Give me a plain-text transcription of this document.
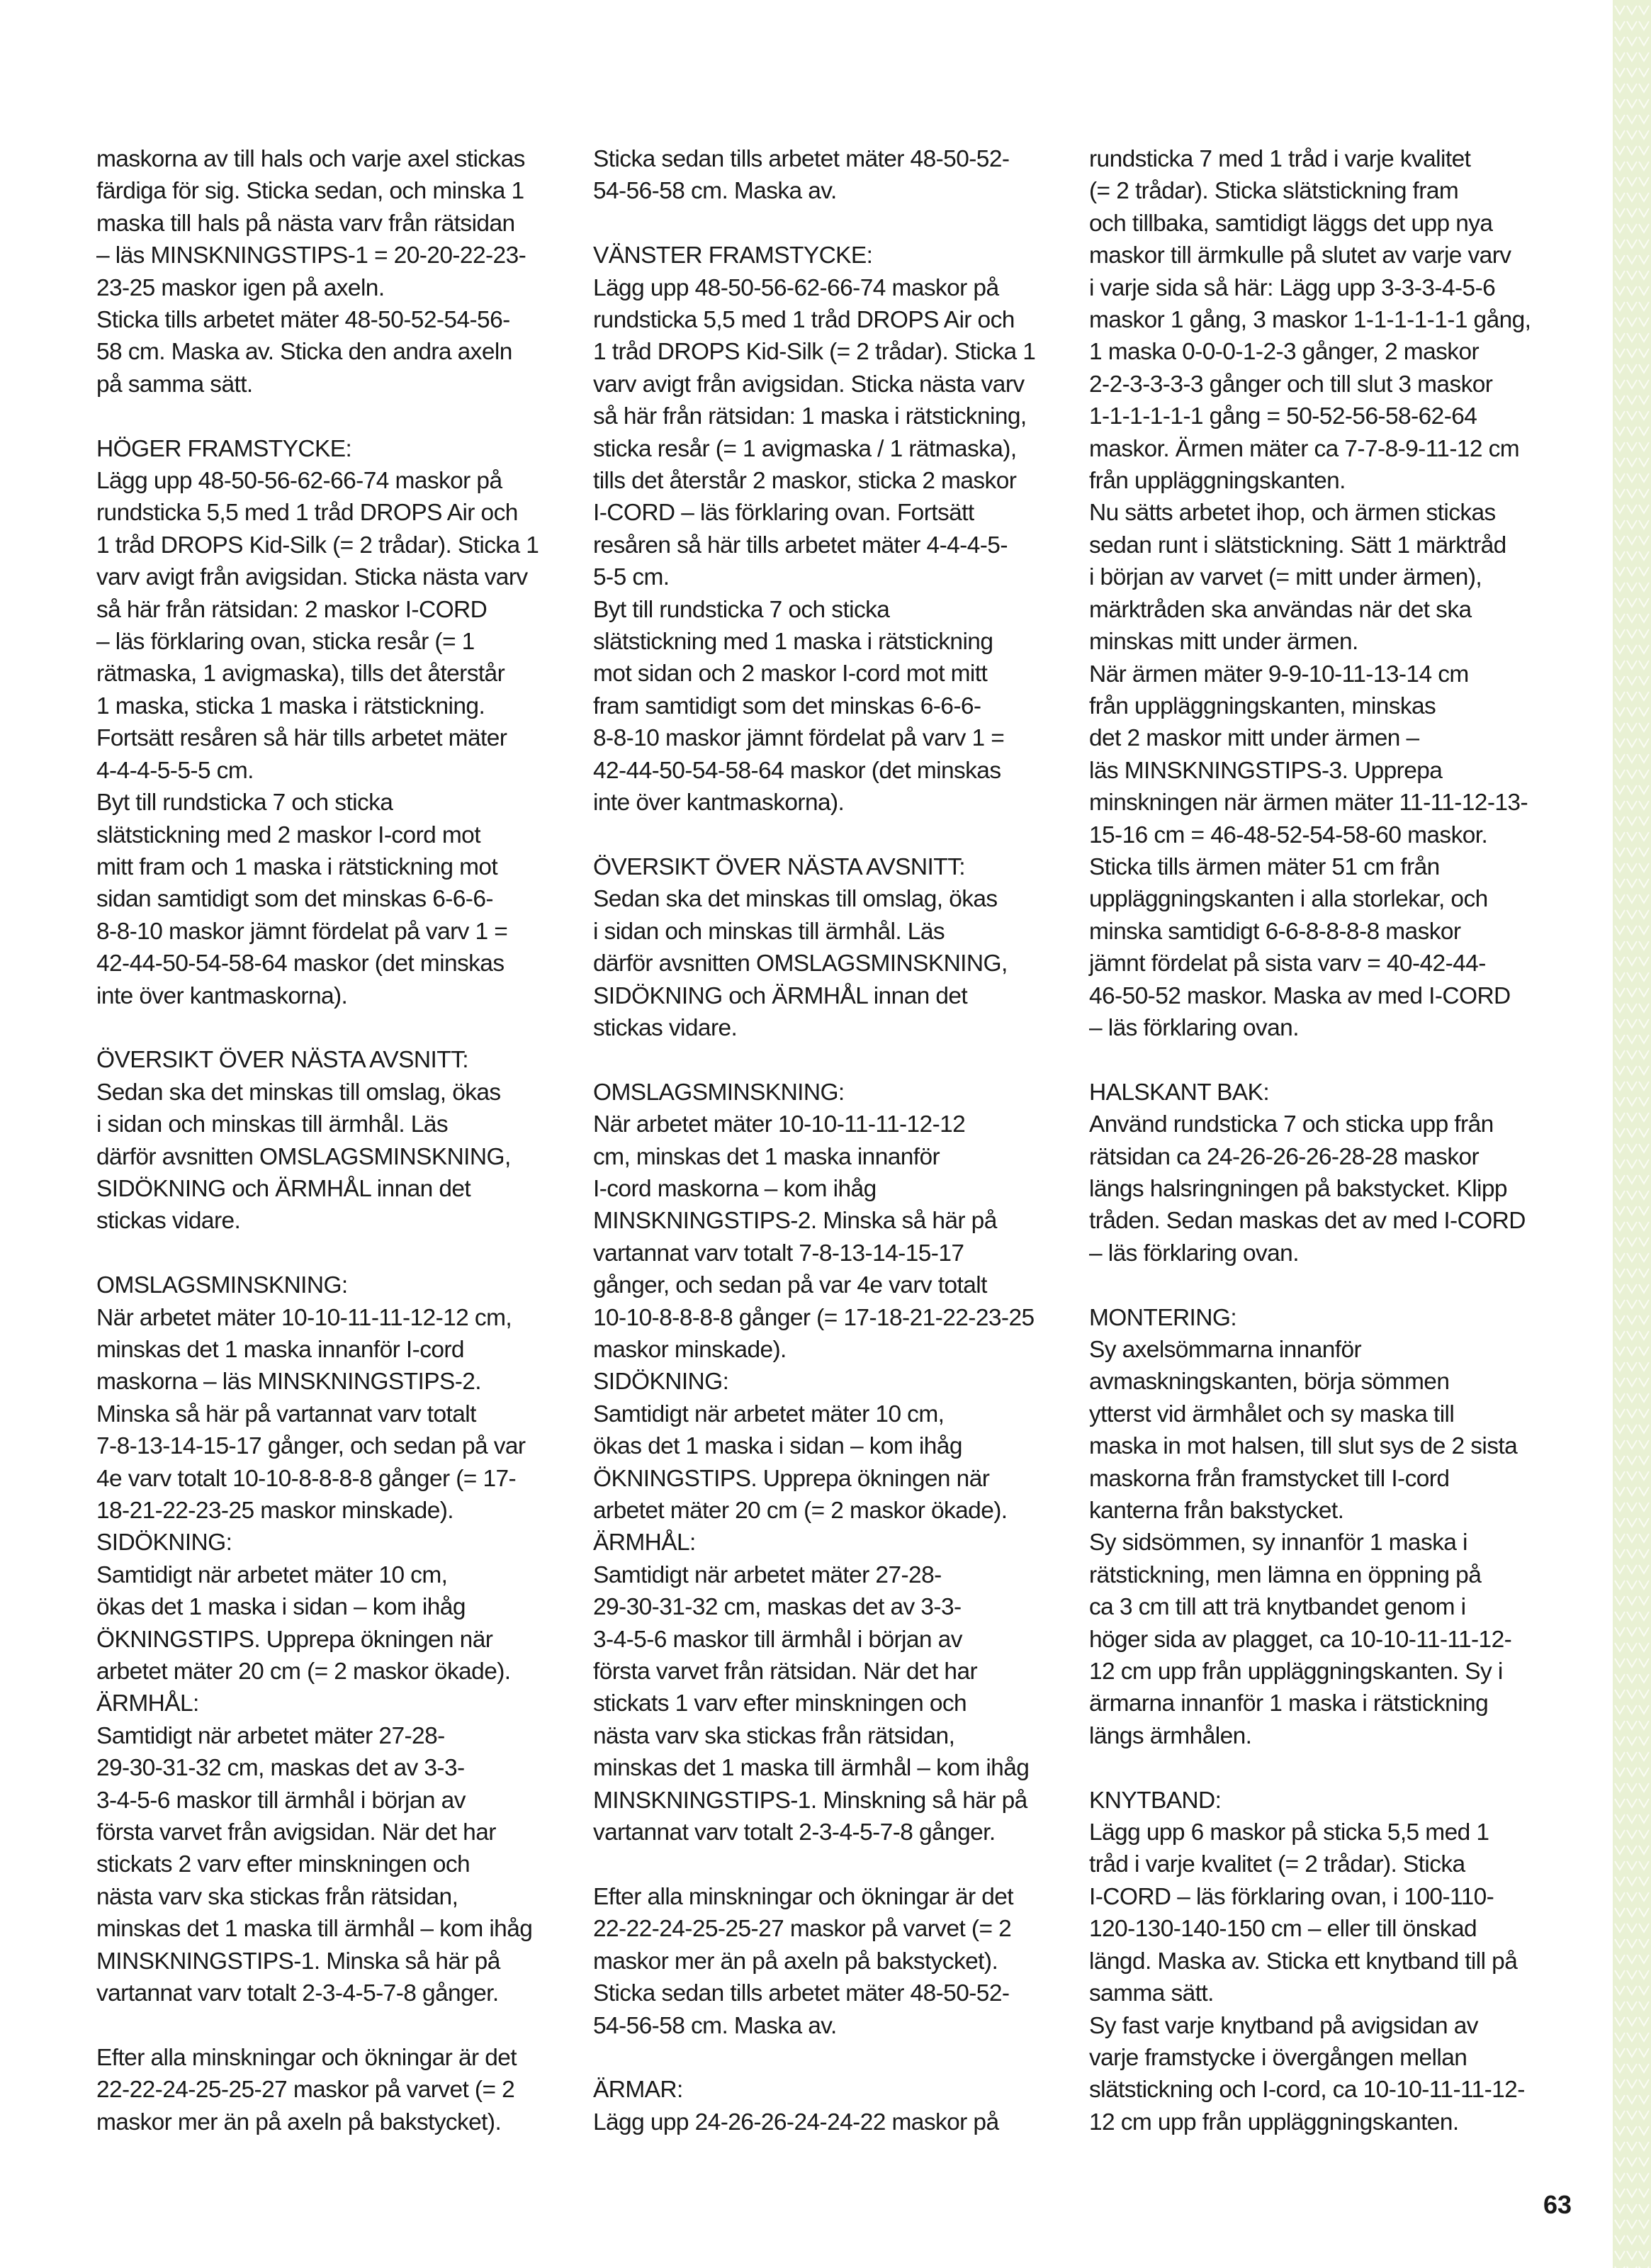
maskorna av till hals och varje axel stickas
färdiga för sig. Sticka sedan, och minska 1
maska till hals på nästa varv från rätsidan
– läs MINSKNINGSTIPS-1 = 20-20-22-23-
23-25 maskor igen på axeln.
Sticka tills arbetet mäter 48-50-52-54-56-
58 cm. Maska av. Sticka den andra axeln
på samma sätt.
HÖGER FRAMSTYCKE:
Lägg upp 48-50-56-62-66-74 maskor på
rundsticka 5,5 med 1 tråd DROPS Air och
1 tråd DROPS Kid-Silk (= 2 trådar). Sticka 1
varv avigt från avigsidan. Sticka nästa varv
så här från rätsidan: 2 maskor I-CORD
– läs förklaring ovan, sticka resår (= 1
rätmaska, 1 avigmaska), tills det återstår
1 maska, sticka 1 maska i rätstickning.
Fortsätt resåren så här tills arbetet mäter
4-4-4-5-5-5 cm.
Byt till rundsticka 7 och sticka
slätstickning med 2 maskor I-cord mot
mitt fram och 1 maska i rätstickning mot
sidan samtidigt som det minskas 6-6-6-
8-8-10 maskor jämnt fördelat på varv 1 =
42-44-50-54-58-64 maskor (det minskas
inte över kantmaskorna).
ÖVERSIKT ÖVER NÄSTA AVSNITT:
Sedan ska det minskas till omslag, ökas
i sidan och minskas till ärmhål. Läs
därför avsnitten OMSLAGSMINSKNING,
SIDÖKNING och ÄRMHÅL innan det
stickas vidare.
OMSLAGSMINSKNING:
När arbetet mäter 10-10-11-11-12-12 cm,
minskas det 1 maska innanför I-cord
maskorna – läs MINSKNINGSTIPS-2.
Minska så här på vartannat varv totalt
7-8-13-14-15-17 gånger, och sedan på var
4e varv totalt 10-10-8-8-8-8 gånger (= 17-
18-21-22-23-25 maskor minskade).
SIDÖKNING:
Samtidigt när arbetet mäter 10 cm,
ökas det 1 maska i sidan – kom ihåg
ÖKNINGSTIPS. Upprepa ökningen när
arbetet mäter 20 cm (= 2 maskor ökade).
ÄRMHÅL:
Samtidigt när arbetet mäter 27-28-
29-30-31-32 cm, maskas det av 3-3-
3-4-5-6 maskor till ärmhål i början av
första varvet från avigsidan. När det har
stickats 2 varv efter minskningen och
nästa varv ska stickas från rätsidan,
minskas det 1 maska till ärmhål – kom ihåg
MINSKNINGSTIPS-1. Minska så här på
vartannat varv totalt 2-3-4-5-7-8 gånger.
Efter alla minskningar och ökningar är det
22-22-24-25-25-27 maskor på varvet (= 2
maskor mer än på axeln på bakstycket).
Sticka sedan tills arbetet mäter 48-50-52-
54-56-58 cm. Maska av.
VÄNSTER FRAMSTYCKE:
Lägg upp 48-50-56-62-66-74 maskor på
rundsticka 5,5 med 1 tråd DROPS Air och
1 tråd DROPS Kid-Silk (= 2 trådar). Sticka 1
varv avigt från avigsidan. Sticka nästa varv
så här från rätsidan: 1 maska i rätstickning,
sticka resår (= 1 avigmaska / 1 rätmaska),
tills det återstår 2 maskor, sticka 2 maskor
I-CORD – läs förklaring ovan. Fortsätt
resåren så här tills arbetet mäter 4-4-4-5-
5-5 cm.
Byt till rundsticka 7 och sticka
slätstickning med 1 maska i rätstickning
mot sidan och 2 maskor I-cord mot mitt
fram samtidigt som det minskas 6-6-6-
8-8-10 maskor jämnt fördelat på varv 1 =
42-44-50-54-58-64 maskor (det minskas
inte över kantmaskorna).
ÖVERSIKT ÖVER NÄSTA AVSNITT:
Sedan ska det minskas till omslag, ökas
i sidan och minskas till ärmhål. Läs
därför avsnitten OMSLAGSMINSKNING,
SIDÖKNING och ÄRMHÅL innan det
stickas vidare.
OMSLAGSMINSKNING:
När arbetet mäter 10-10-11-11-12-12
cm, minskas det 1 maska innanför
I-cord maskorna – kom ihåg
MINSKNINGSTIPS-2. Minska så här på
vartannat varv totalt 7-8-13-14-15-17
gånger, och sedan på var 4e varv totalt
10-10-8-8-8-8 gånger (= 17-18-21-22-23-25
maskor minskade).
SIDÖKNING:
Samtidigt när arbetet mäter 10 cm,
ökas det 1 maska i sidan – kom ihåg
ÖKNINGSTIPS. Upprepa ökningen när
arbetet mäter 20 cm (= 2 maskor ökade).
ÄRMHÅL:
Samtidigt när arbetet mäter 27-28-
29-30-31-32 cm, maskas det av 3-3-
3-4-5-6 maskor till ärmhål i början av
första varvet från rätsidan. När det har
stickats 1 varv efter minskningen och
nästa varv ska stickas från rätsidan,
minskas det 1 maska till ärmhål – kom ihåg
MINSKNINGSTIPS-1. Minskning så här på
vartannat varv totalt 2-3-4-5-7-8 gånger.
Efter alla minskningar och ökningar är det
22-22-24-25-25-27 maskor på varvet (= 2
maskor mer än på axeln på bakstycket).
Sticka sedan tills arbetet mäter 48-50-52-
54-56-58 cm. Maska av.
ÄRMAR:
Lägg upp 24-26-26-24-24-22 maskor på
rundsticka 7 med 1 tråd i varje kvalitet
(= 2 trådar). Sticka slätstickning fram
och tillbaka, samtidigt läggs det upp nya
maskor till ärmkulle på slutet av varje varv
i varje sida så här: Lägg upp 3-3-3-4-5-6
maskor 1 gång, 3 maskor 1-1-1-1-1-1 gång,
1 maska 0-0-0-1-2-3 gånger, 2 maskor
2-2-3-3-3-3 gånger och till slut 3 maskor
1-1-1-1-1-1 gång = 50-52-56-58-62-64
maskor. Ärmen mäter ca 7-7-8-9-11-12 cm
från uppläggningskanten.
Nu sätts arbetet ihop, och ärmen stickas
sedan runt i slätstickning. Sätt 1 märktråd
i början av varvet (= mitt under ärmen),
märktråden ska användas när det ska
minskas mitt under ärmen.
När ärmen mäter 9-9-10-11-13-14 cm
från uppläggningskanten, minskas
det 2 maskor mitt under ärmen –
läs MINSKNINGSTIPS-3. Upprepa
minskningen när ärmen mäter 11-11-12-13-
15-16 cm = 46-48-52-54-58-60 maskor.
Sticka tills ärmen mäter 51 cm från
uppläggningskanten i alla storlekar, och
minska samtidigt 6-6-8-8-8-8 maskor
jämnt fördelat på sista varv = 40-42-44-
46-50-52 maskor. Maska av med I-CORD
– läs förklaring ovan.
HALSKANT BAK:
Använd rundsticka 7 och sticka upp från
rätsidan ca 24-26-26-26-28-28 maskor
längs halsringningen på bakstycket. Klipp
tråden. Sedan maskas det av med I-CORD
– läs förklaring ovan.
MONTERING:
Sy axelsömmarna innanför
avmaskningskanten, börja sömmen
ytterst vid ärmhålet och sy maska till
maska in mot halsen, till slut sys de 2 sista
maskorna från framstycket till I-cord
kanterna från bakstycket.
Sy sidsömmen, sy innanför 1 maska i
rätstickning, men lämna en öppning på
ca 3 cm till att trä knytbandet genom i
höger sida av plagget, ca 10-10-11-11-12-
12 cm upp från uppläggningskanten. Sy i
ärmarna innanför 1 maska i rätstickning
längs ärmhålen.
KNYTBAND:
Lägg upp 6 maskor på sticka 5,5 med 1
tråd i varje kvalitet (= 2 trådar). Sticka
I-CORD – läs förklaring ovan, i 100-110-
120-130-140-150 cm – eller till önskad
längd. Maska av. Sticka ett knytband till på
samma sätt.
Sy fast varje knytband på avigsidan av
varje framstycke i övergången mellan
slätstickning och I-cord, ca 10-10-11-11-12-
12 cm upp från uppläggningskanten.
63
